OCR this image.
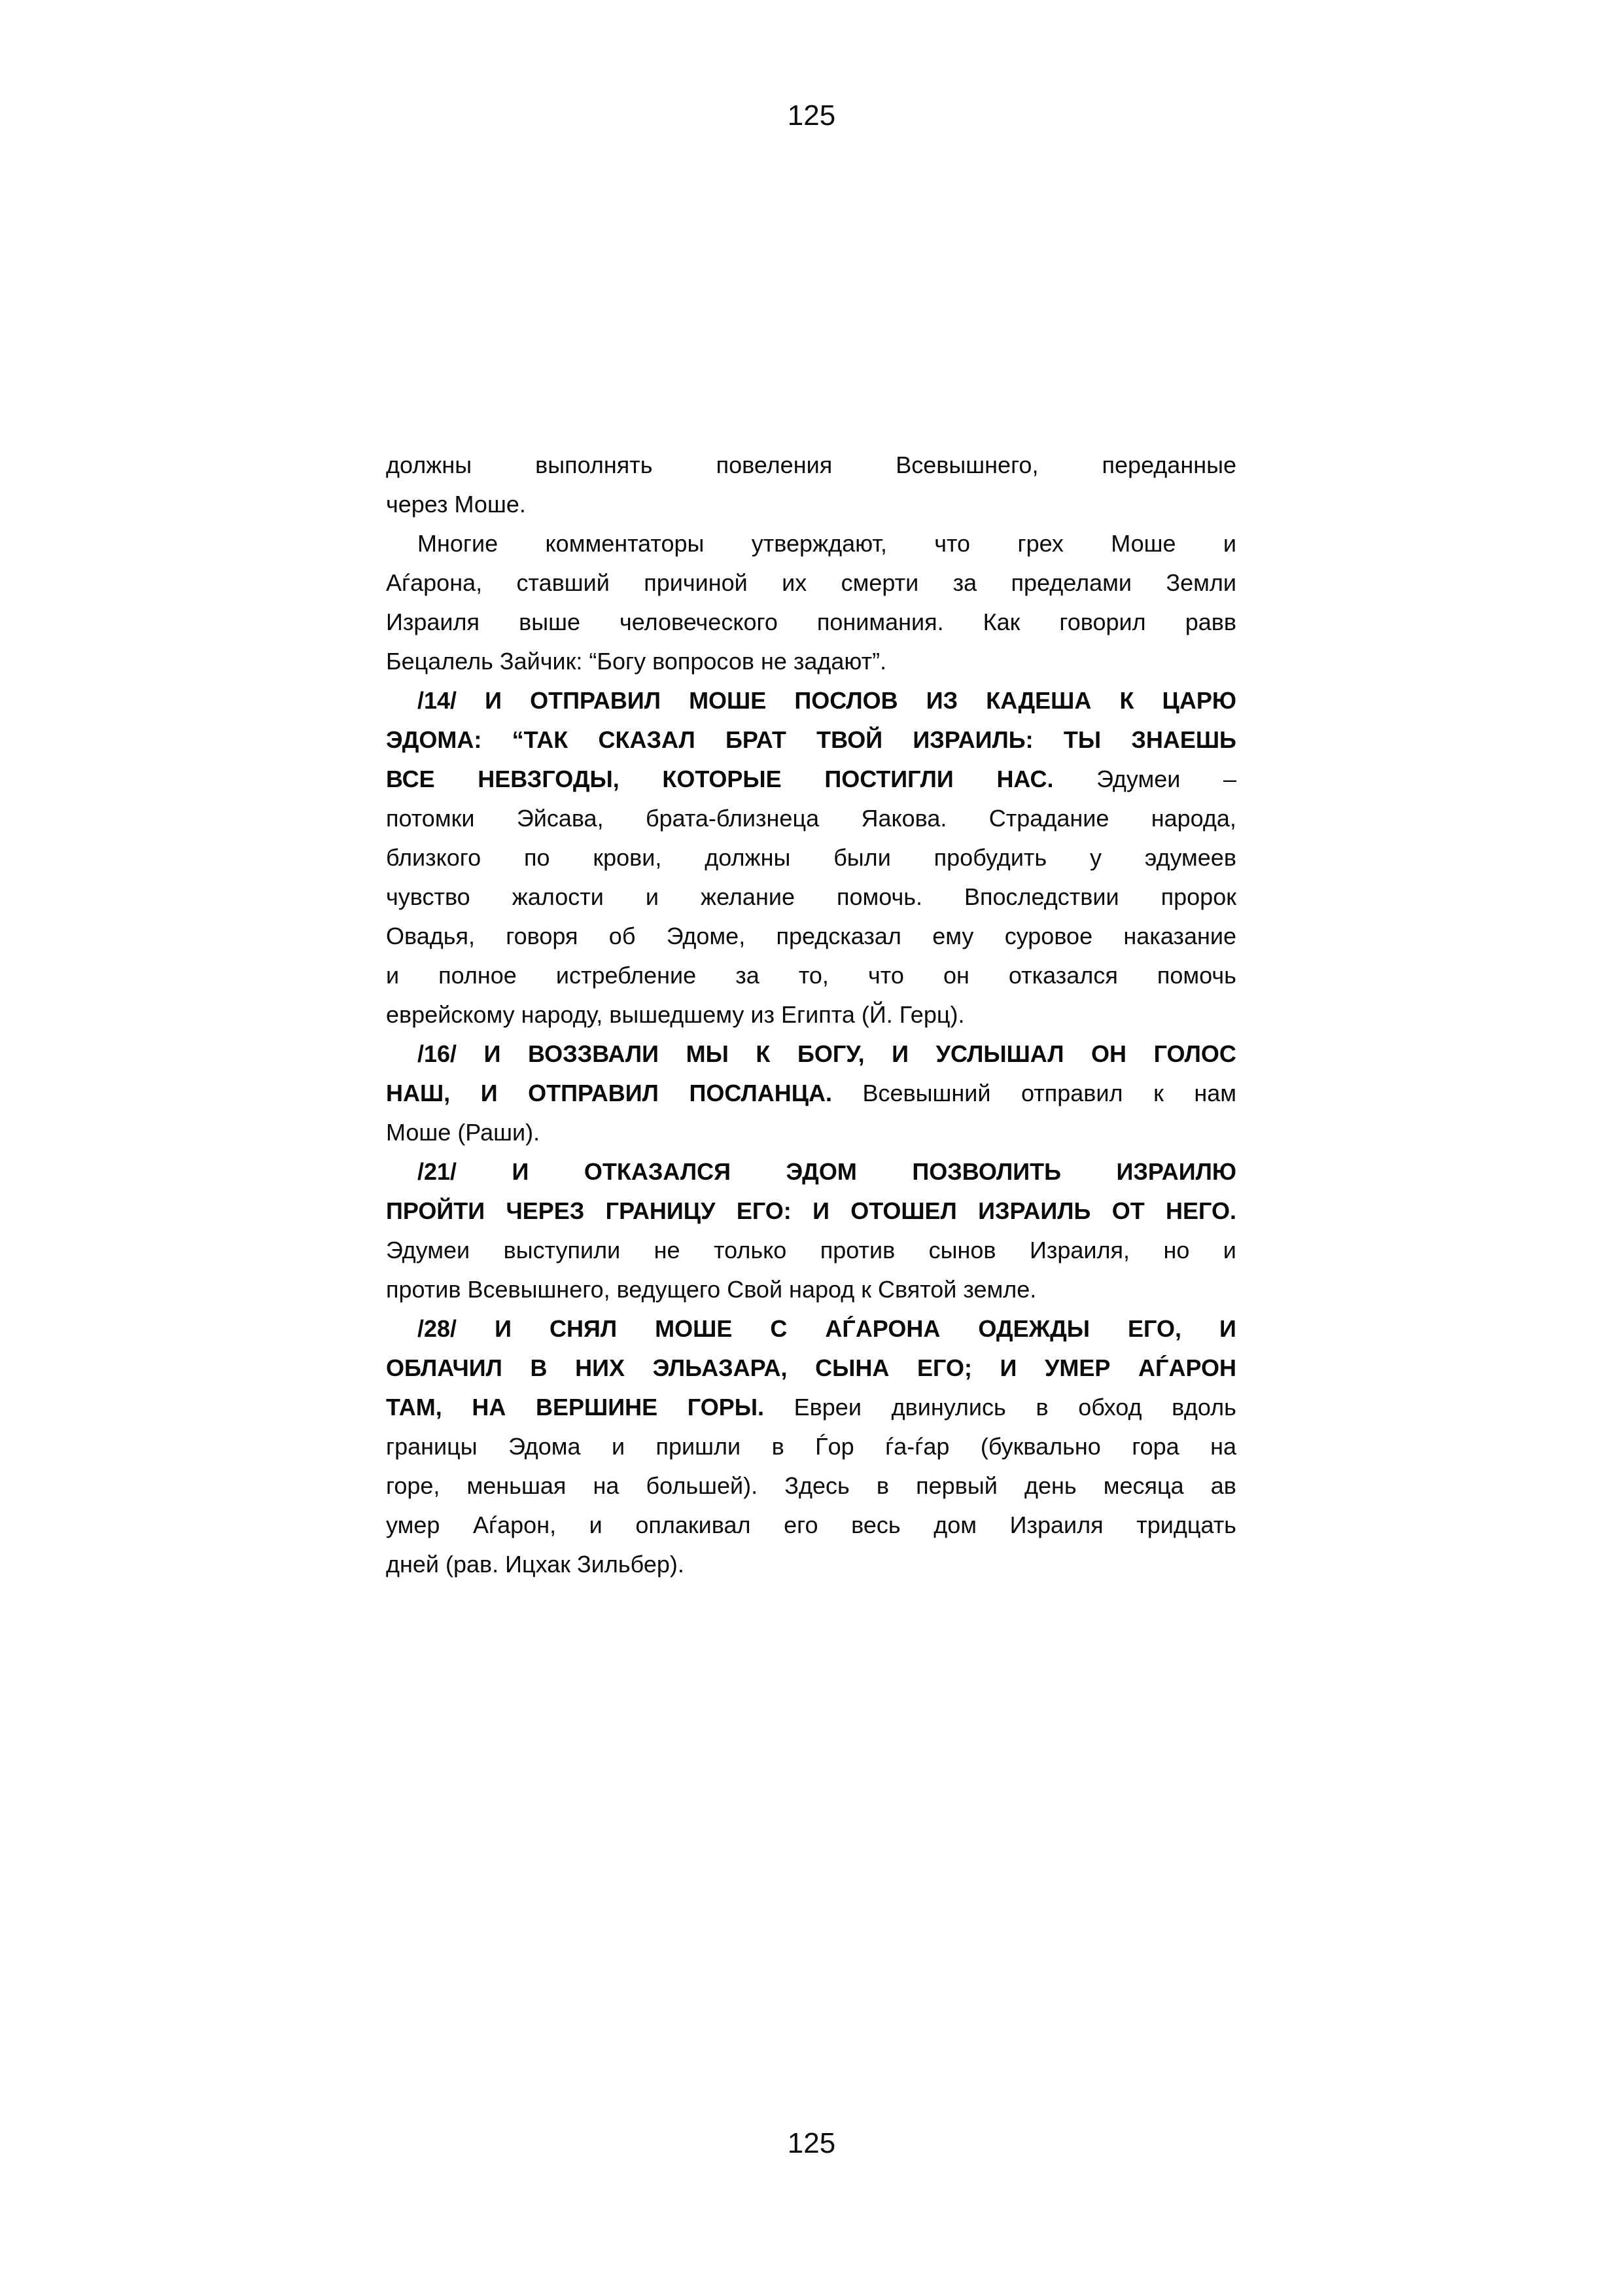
125
должны	выполнять	повеления	Всевышнего,	переданные
через Моше.
Многие комментаторы утверждают, что грех Моше и
Аѓарона, ставший причиной их смерти за пределами Земли
Израиля выше человеческого понимания. Как говорил равв
Бецалель Зайчик: “Богу вопросов не задают”.
/14/ И ОТПРАВИЛ МОШЕ ПОСЛОВ ИЗ КАДЕША К ЦАРЮ
ЭДОМА: “ТАК СКАЗАЛ БРАТ ТВОЙ ИЗРАИЛЬ: ТЫ ЗНАЕШЬ
ВСЕ НЕВЗГОДЫ, КОТОРЫЕ ПОСТИГЛИ НАС. Эдумеи –
потомки Эйсава, брата-близнеца Яакова. Страдание народа,
близкого по крови, должны были пробудить у эдумеев
чувство жалости и желание помочь. Впоследствии пророк
Овадья, говоря об Эдоме, предсказал ему суровое наказание
и полное истребление за то, что он отказался помочь
еврейскому народу, вышедшему из Египта (Й. Герц).
/16/ И ВОЗЗВАЛИ МЫ К БОГУ, И УСЛЫШАЛ ОН ГОЛОС
НАШ, И ОТПРАВИЛ ПОСЛАНЦА. Всевышний отправил к нам
Моше (Раши).
/21/ И ОТКАЗАЛСЯ ЭДОМ ПОЗВОЛИТЬ ИЗРАИЛЮ
ПРОЙТИ ЧЕРЕЗ ГРАНИЦУ ЕГО: И ОТОШЕЛ ИЗРАИЛЬ ОТ НЕГО.
Эдумеи выступили не только против сынов Израиля, но и
против Всевышнего, ведущего Свой народ к Святой земле.
/28/ И СНЯЛ МОШЕ С АЃАРОНА ОДЕЖДЫ ЕГО, И
ОБЛАЧИЛ В НИХ ЭЛЬАЗАРА, СЫНА ЕГО; И УМЕР АЃАРОН
ТАМ, НА ВЕРШИНЕ ГОРЫ. Евреи двинулись в обход вдоль
границы Эдома и пришли в Ѓор ѓа-ѓар (буквально гора на
горе, меньшая на большей). Здесь в первый день месяца ав
умер Аѓарон, и оплакивал его весь дом Израиля тридцать
дней (рав. Ицхак Зильбер).
125
